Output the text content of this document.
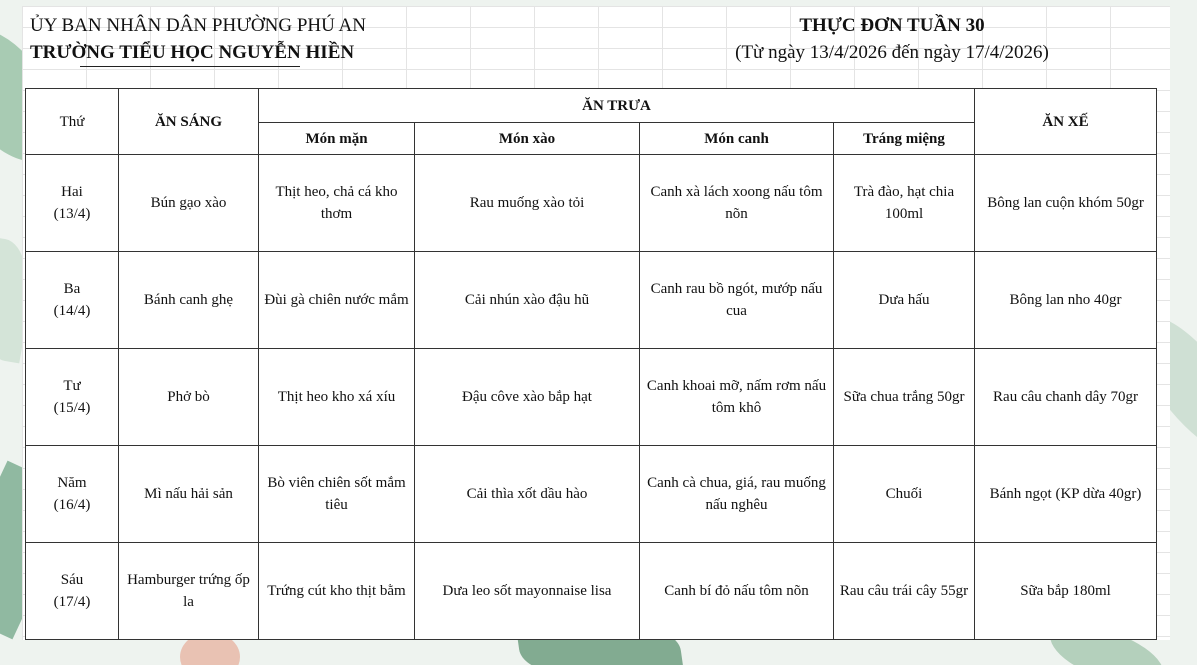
ỦY BAN NHÂN DÂN PHƯỜNG PHÚ AN
TRƯỜNG TIỂU HỌC NGUYỄN HIỀN
THỰC ĐƠN TUẦN 30
(Từ ngày 13/4/2026 đến ngày 17/4/2026)
Thứ	ĂN SÁNG	ĂN TRƯA				ĂN XẾ
		Món mặn	Món xào	Món canh	Tráng miệng	
Hai
(13/4)	Bún gạo xào	Thịt heo, chả cá kho thơm	Rau muống xào tỏi	Canh xà lách xoong nấu tôm nõn	Trà đào, hạt chia 100ml	Bông lan cuộn khóm 50gr
Ba
(14/4)	Bánh canh ghẹ	Đùi gà chiên nước mắm	Cải nhún xào đậu hũ	Canh rau bồ ngót, mướp nấu cua	Dưa hấu	Bông lan nho 40gr
Tư
(15/4)	Phở bò	Thịt heo kho xá xíu	Đậu côve xào bắp hạt	Canh khoai mỡ, nấm rơm nấu tôm khô	Sữa chua trắng 50gr	Rau câu chanh dây 70gr
Năm
(16/4)	Mì nấu hải sản	Bò viên chiên sốt mắm tiêu	Cải thìa xốt dầu hào	Canh cà chua, giá, rau muống nấu nghêu	Chuối	Bánh ngọt (KP dừa 40gr)
Sáu
(17/4)	Hamburger trứng ốp la	Trứng cút kho thịt bằm	Dưa leo sốt mayonnaise lisa	Canh bí đỏ nấu tôm nõn	Rau câu trái cây 55gr	Sữa bắp 180ml
